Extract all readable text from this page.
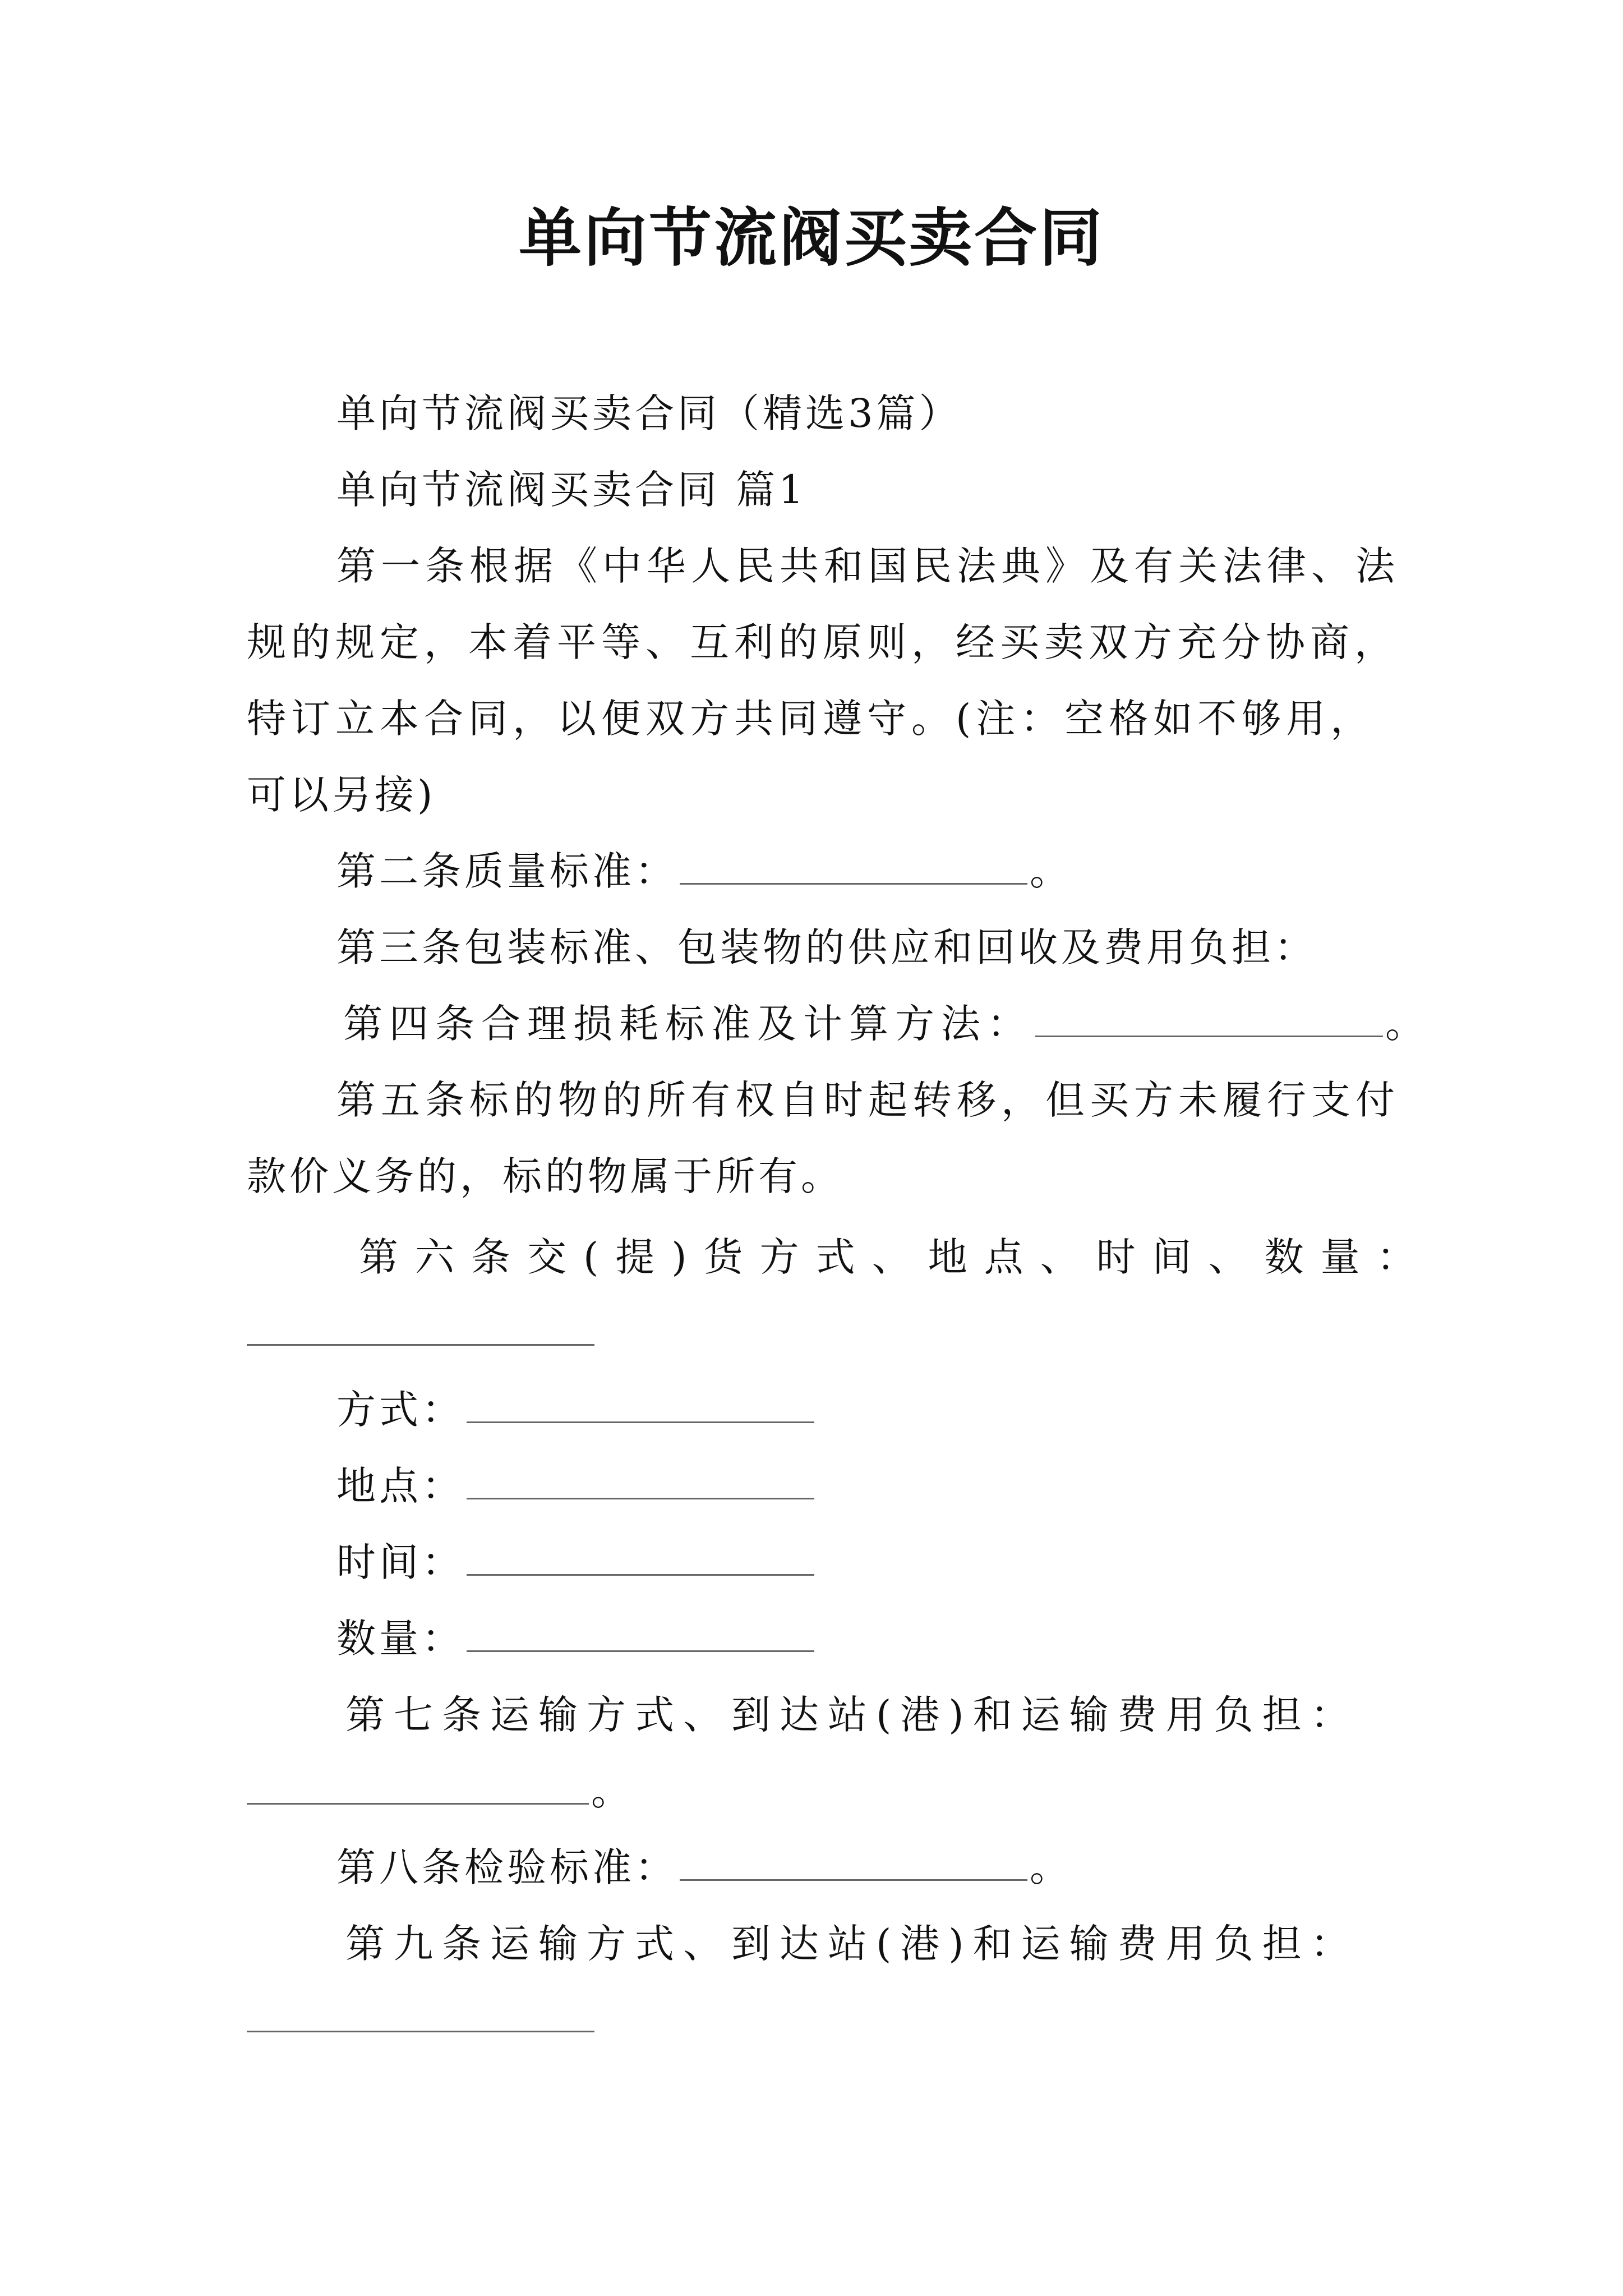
单向节流阀买卖合同
单向节流阀买卖合同（精选3篇）
单向节流阀买卖合同 篇1
第一条根据《中华人民共和国民法典》及有关法律、法
规的规定，本着平等、互利的原则，经买卖双方充分协商，
特订立本合同，以便双方共同遵守。(注：空格如不够用，
可以另接)
第二条质量标准：	。
第三条包装标准、包装物的供应和回收及费用负担：
第四条合理损耗标准及计算方法：	。
第五条标的物的所有权自时起转移，但买方未履行支付
款价义务的，标的物属于所有。
第六条交(提)货方式、地点、时间、数量：
方式：
地点：
时间：
数量：
第七条运输方式、到达站(港)和运输费用负担：
。
第八条检验标准：	。
第九条运输方式、到达站(港)和运输费用负担：
